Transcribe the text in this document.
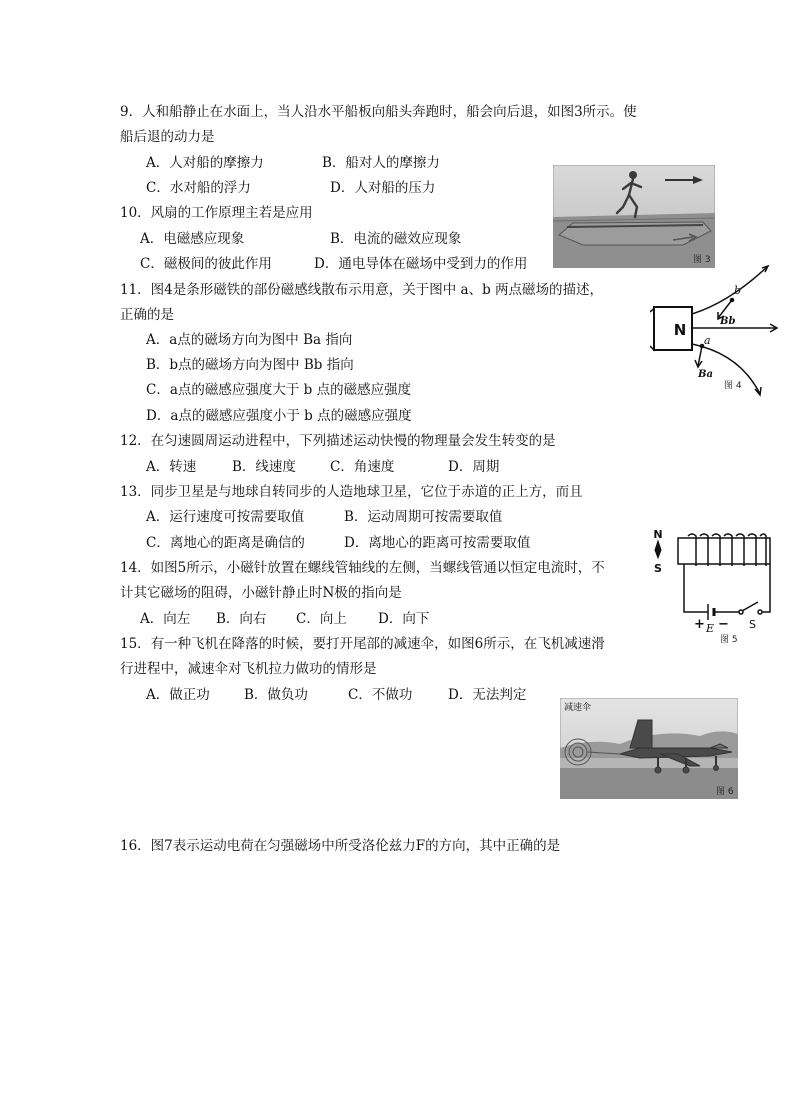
9．人和船静止在水面上，当人沿水平船板向船头奔跑时，船会向后退，如图3所示。使
船后退的动力是
A．人对船的摩擦力	B．船对人的摩擦力
C．水对船的浮力	D．人对船的压力
10．风扇的工作原理主若是应用
A．电磁感应现象	B．电流的磁效应现象
C．磁极间的彼此作用	D．通电导体在磁场中受到力的作用
11．图4是条形磁铁的部份磁感线散布示用意，关于图中 a、b 两点磁场的描述，
正确的是
A．a点的磁场方向为图中 Ba 指向
B．b点的磁场方向为图中 Bb 指向
C．a点的磁感应强度大于 b 点的磁感应强度
D．a点的磁感应强度小于 b 点的磁感应强度
12．在匀速圆周运动进程中，下列描述运动快慢的物理量会发生转变的是
A．转速	B．线速度	C．角速度	D．周期
13．同步卫星是与地球自转同步的人造地球卫星，它位于赤道的正上方，而且
A．运行速度可按需要取值	B．运动周期可按需要取值
C．离地心的距离是确信的	D．离地心的距离可按需要取值
14．如图5所示，小磁针放置在螺线管轴线的左侧，当螺线管通以恒定电流时，不
计其它磁场的阻碍，小磁针静止时N极的指向是
A．向左 B．向右 C．向上 D．向下
15．有一种飞机在降落的时候，要打开尾部的减速伞，如图6所示，在飞机减速滑
行进程中，减速伞对飞机拉力做功的情形是
A．做正功	B．做负功	C．不做功	D．无法判定
16．图7表示运动电荷在匀强磁场中所受洛伦兹力F的方向，其中正确的是
图 3
N
b
Bb
a
Ba
图 4
N
S
+ E − S
图 5
减速伞
图 6
